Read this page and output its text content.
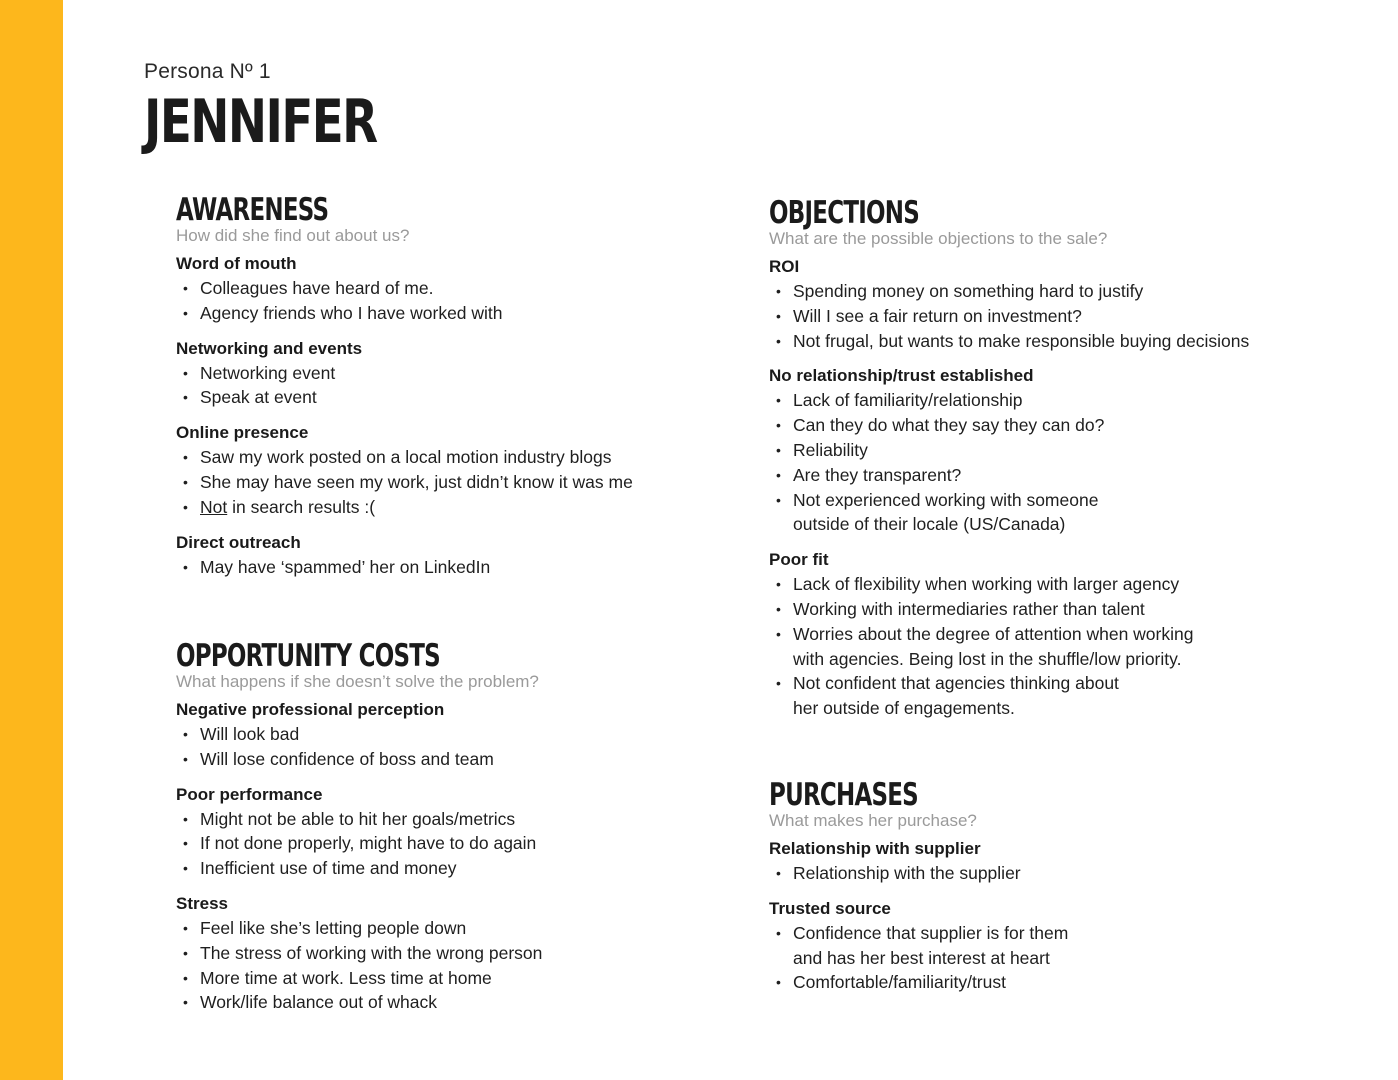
Persona Nº 1
JENNIFER
AWARENESS
How did she find out about us?
Word of mouth
• Colleagues have heard of me.
• Agency friends who I have worked with
Networking and events
• Networking event
• Speak at event
Online presence
• Saw my work posted on a local motion industry blogs
• She may have seen my work, just didn’t know it was me
• Not in search results :(
Direct outreach
• May have ‘spammed’ her on LinkedIn
OPPORTUNITY COSTS
What happens if she doesn’t solve the problem?
Negative professional perception
• Will look bad
• Will lose confidence of boss and team
Poor performance
• Might not be able to hit her goals/metrics
• If not done properly, might have to do again
• Inefficient use of time and money
Stress
• Feel like she’s letting people down
• The stress of working with the wrong person
• More time at work. Less time at home
• Work/life balance out of whack
OBJECTIONS
What are the possible objections to the sale?
ROI
• Spending money on something hard to justify
• Will I see a fair return on investment?
• Not frugal, but wants to make responsible buying decisions
No relationship/trust established
• Lack of familiarity/relationship
• Can they do what they say they can do?
• Reliability
• Are they transparent?
• Not experienced working with someone
outside of their locale (US/Canada)
Poor fit
• Lack of flexibility when working with larger agency
• Working with intermediaries rather than talent
• Worries about the degree of attention when working
with agencies. Being lost in the shuffle/low priority.
• Not confident that agencies thinking about
her outside of engagements.
PURCHASES
What makes her purchase?
Relationship with supplier
• Relationship with the supplier
Trusted source
• Confidence that supplier is for them
and has her best interest at heart
• Comfortable/familiarity/trust
